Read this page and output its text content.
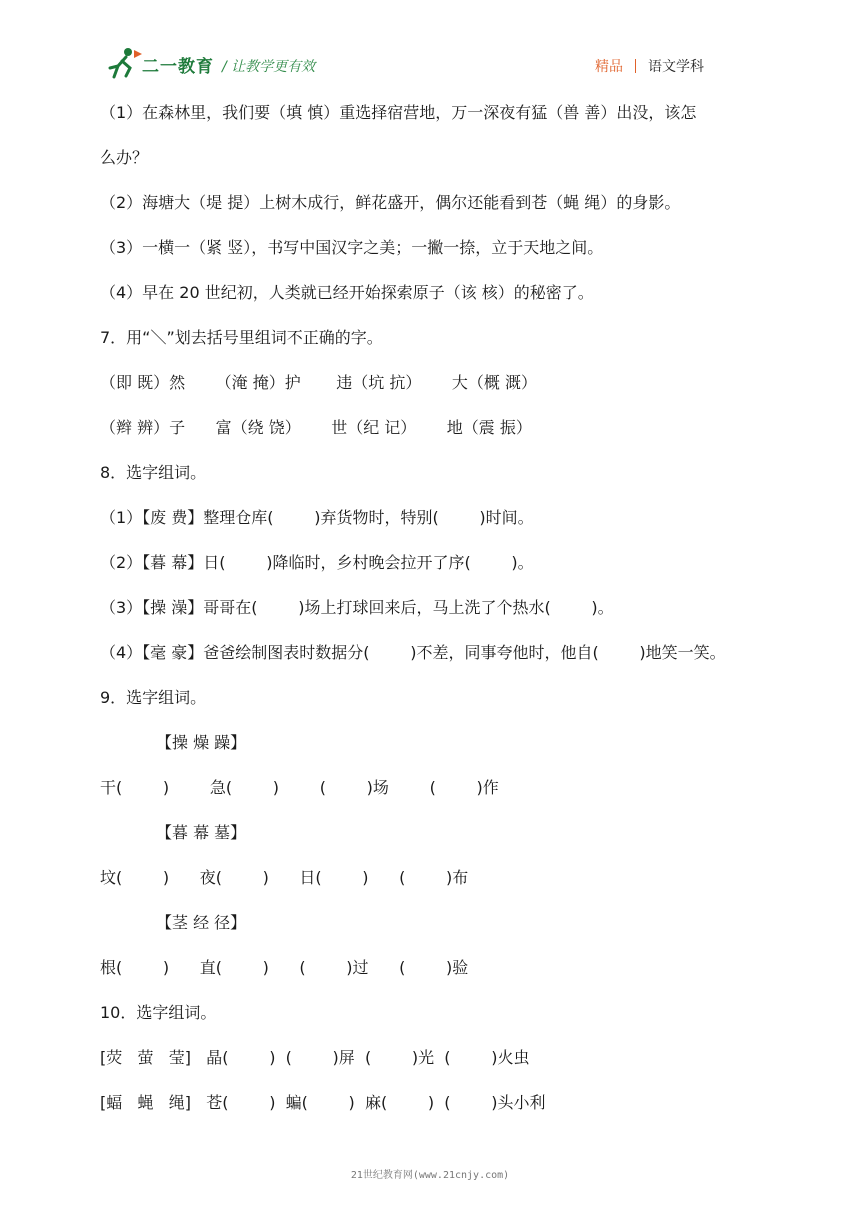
二一教育 / 让教学更有效	精品 语文学科
（1）在森林里，我们要（填 慎）重选择宿营地，万一深夜有猛（兽 善）出没，该怎
么办？
（2）海塘大（堤 提）上树木成行，鲜花盛开，偶尔还能看到苍（蝇 绳）的身影。
（3）一横一（紧 竖），书写中国汉字之美；一撇一捺，立于天地之间。
（4）早在 20 世纪初，人类就已经开始探索原子（该 核）的秘密了。
7．用“＼”划去括号里组词不正确的字。
（即 既）然      （淹 掩）护       违（坑 抗）      大（概 溉）
（辫 辨）子      富（绕 饶）      世（纪 记）      地（震 振）
8．选字组词。
（1）【废 费】整理仓库(        )弃货物时，特别(        )时间。
（2）【暮 幕】日(        )降临时，乡村晚会拉开了序(        )。
（3）【操 澡】哥哥在(        )场上打球回来后，马上洗了个热水(        )。
（4）【毫 豪】爸爸绘制图表时数据分(        )不差，同事夸他时，他自(        )地笑一笑。
9．选字组词。
【操 燥 躁】
干(        )        急(        )        (        )场        (        )作
【暮 幕 墓】
坟(        )      夜(        )      日(        )      (        )布
【茎 经 径】
根(        )      直(        )      (        )过      (        )验
10．选字组词。
[荧   萤   莹]   晶(        )  (        )屏  (        )光  (        )火虫
[蝠   蝇   绳]   苍(        )  蝙(        )  麻(        )  (        )头小利
21世纪教育网(www.21cnjy.com)
